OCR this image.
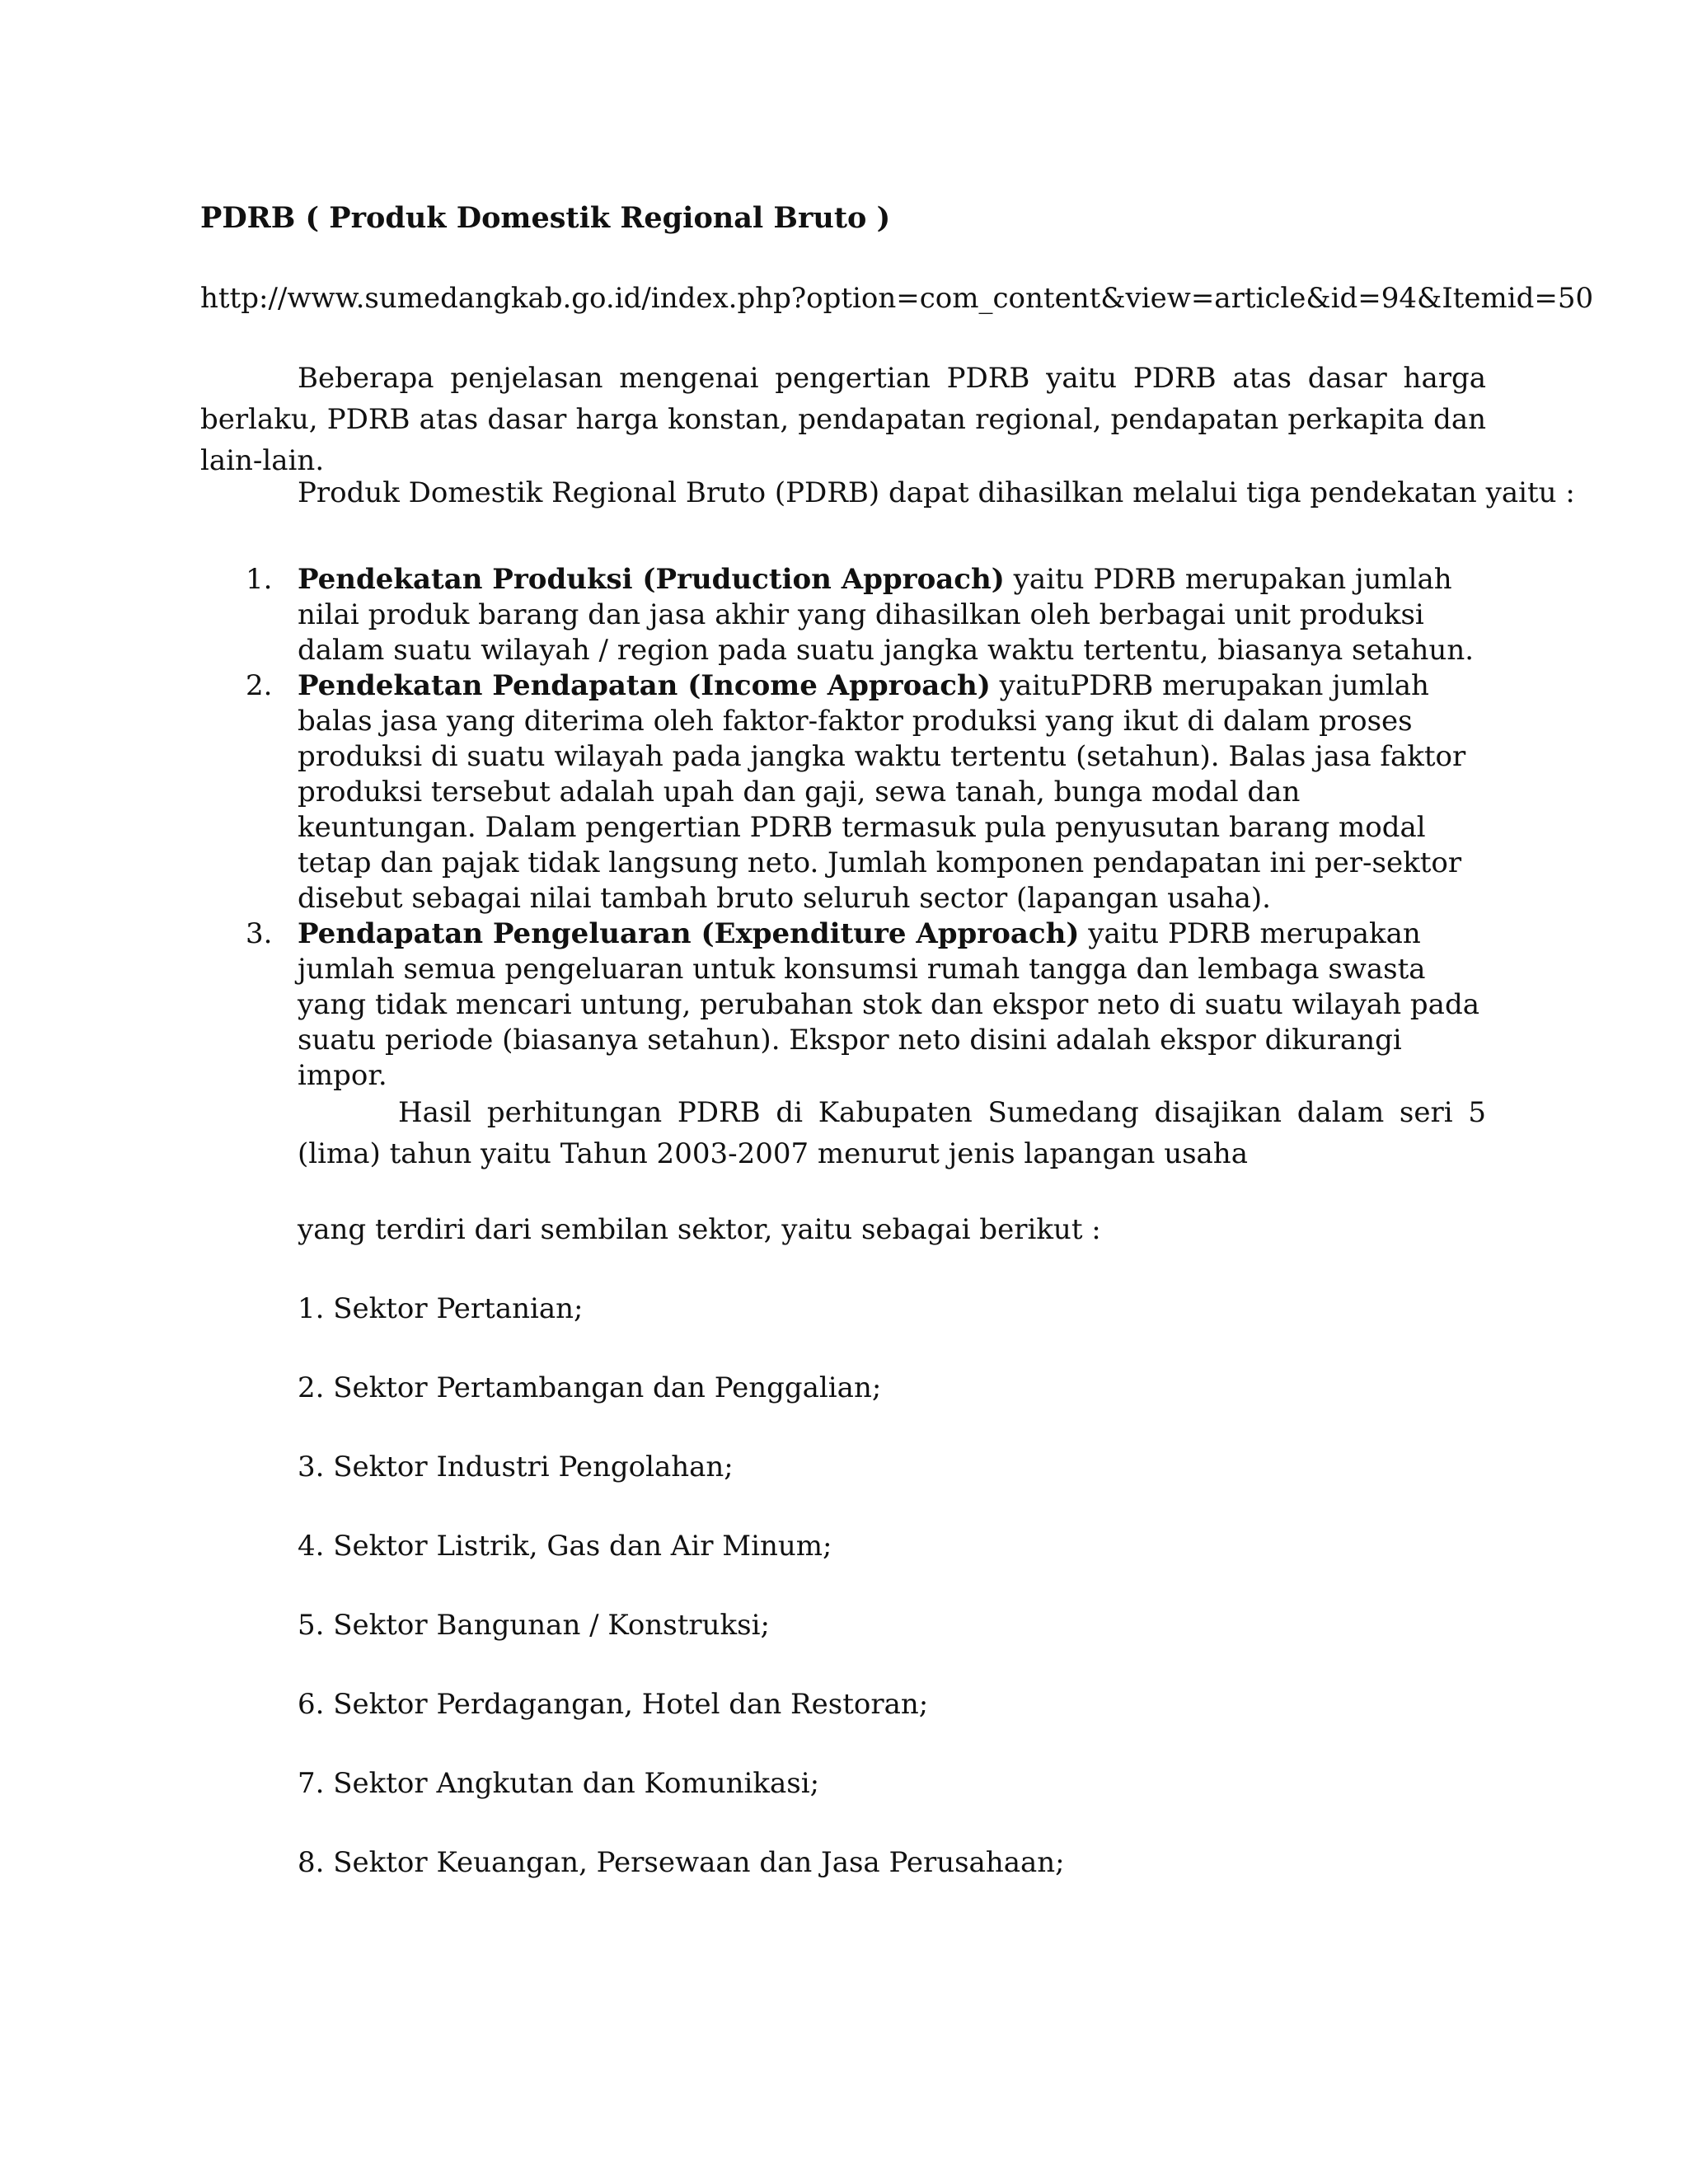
PDRB ( Produk Domestik Regional Bruto )
http://www.sumedangkab.go.id/index.php?option=com_content&view=article&id=94&Itemid=50

Beberapa penjelasan mengenai pengertian PDRB yaitu PDRB atas dasar harga berlaku, PDRB atas dasar harga konstan, pendapatan regional, pendapatan perkapita dan lain-lain.

Produk Domestik Regional Bruto (PDRB) dapat dihasilkan melalui tiga pendekatan yaitu :
1. Pendekatan Produksi (Pruduction Approach) yaitu PDRB merupakan jumlah nilai produk barang dan jasa akhir yang dihasilkan oleh berbagai unit produksi dalam suatu wilayah / region pada suatu jangka waktu tertentu, biasanya setahun.
2. Pendekatan Pendapatan (Income Approach) yaituPDRB merupakan jumlah balas jasa yang diterima oleh faktor-faktor produksi yang ikut di dalam proses produksi di suatu wilayah pada jangka waktu tertentu (setahun). Balas jasa faktor produksi tersebut adalah upah dan gaji, sewa tanah, bunga modal dan keuntungan. Dalam pengertian PDRB termasuk pula penyusutan barang modal tetap dan pajak tidak langsung neto. Jumlah komponen pendapatan ini per-sektor disebut sebagai nilai tambah bruto seluruh sector (lapangan usaha).
3. Pendapatan Pengeluaran (Expenditure Approach) yaitu PDRB merupakan jumlah semua pengeluaran untuk konsumsi rumah tangga dan lembaga swasta yang tidak mencari untung, perubahan stok dan ekspor neto di suatu wilayah pada suatu periode (biasanya setahun). Ekspor neto disini adalah ekspor dikurangi impor.

Hasil perhitungan PDRB di Kabupaten Sumedang disajikan dalam seri 5 (lima) tahun yaitu Tahun 2003-2007 menurut jenis lapangan usaha

yang terdiri dari sembilan sektor, yaitu sebagai berikut :
1. Sektor Pertanian;
2. Sektor Pertambangan dan Penggalian;
3. Sektor Industri Pengolahan;
4. Sektor Listrik, Gas dan Air Minum;
5. Sektor Bangunan / Konstruksi;
6. Sektor Perdagangan, Hotel dan Restoran;
7. Sektor Angkutan dan Komunikasi;
8. Sektor Keuangan, Persewaan dan Jasa Perusahaan;
